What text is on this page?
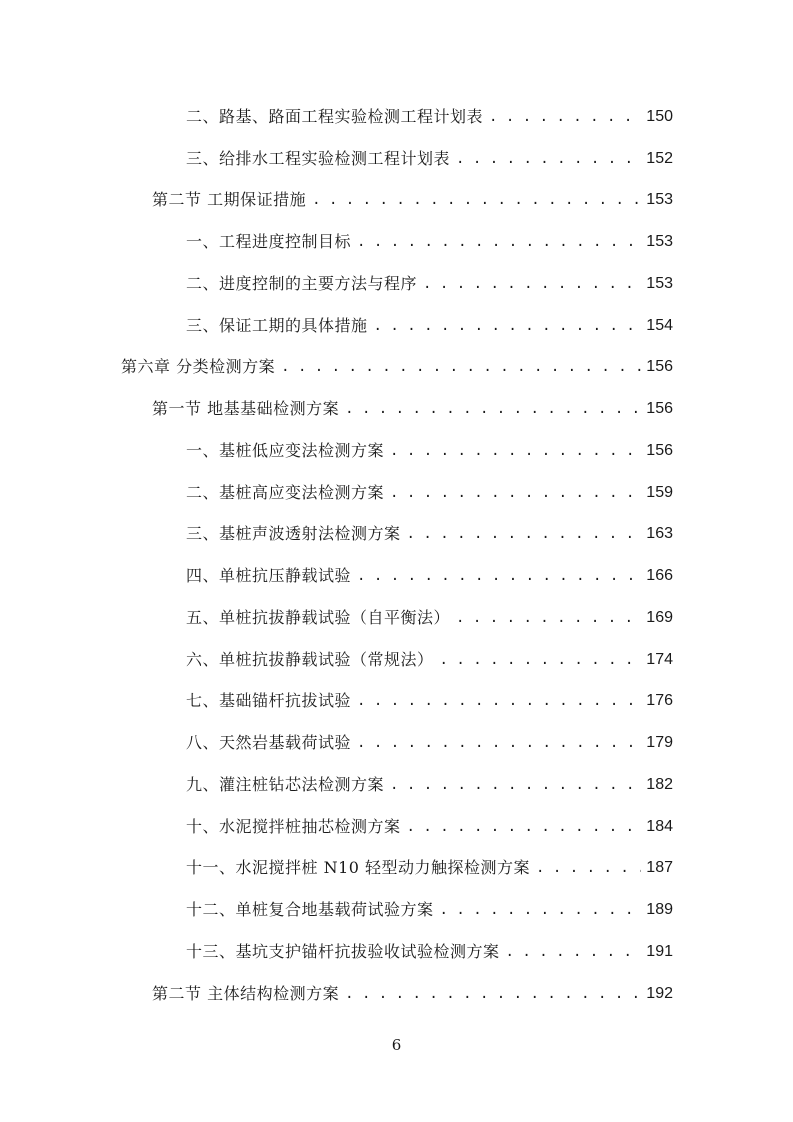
二、路基、路面工程实验检测工程计划表 . . .	150
三、给排水工程实验检测工程计划表 . . .	152
第二节 工期保证措施 . . .	153
一、工程进度控制目标 . . .	153
二、进度控制的主要方法与程序 . . .	153
三、保证工期的具体措施 . . .	154
第六章 分类检测方案 . . .	156
第一节 地基基础检测方案 . . .	156
一、基桩低应变法检测方案 . . .	156
二、基桩高应变法检测方案 . . .	159
三、基桩声波透射法检测方案 . . .	163
四、单桩抗压静载试验 . . .	166
五、单桩抗拔静载试验（自平衡法） . . .	169
六、单桩抗拔静载试验（常规法） . . .	174
七、基础锚杆抗拔试验 . . .	176
八、天然岩基载荷试验 . . .	179
九、灌注桩钻芯法检测方案 . . .	182
十、水泥搅拌桩抽芯检测方案 . . .	184
十一、水泥搅拌桩 N10 轻型动力触探检测方案 . . .	187
十二、单桩复合地基载荷试验方案 . . .	189
十三、基坑支护锚杆抗拔验收试验检测方案 . . .	191
第二节 主体结构检测方案 . . .	192
6
